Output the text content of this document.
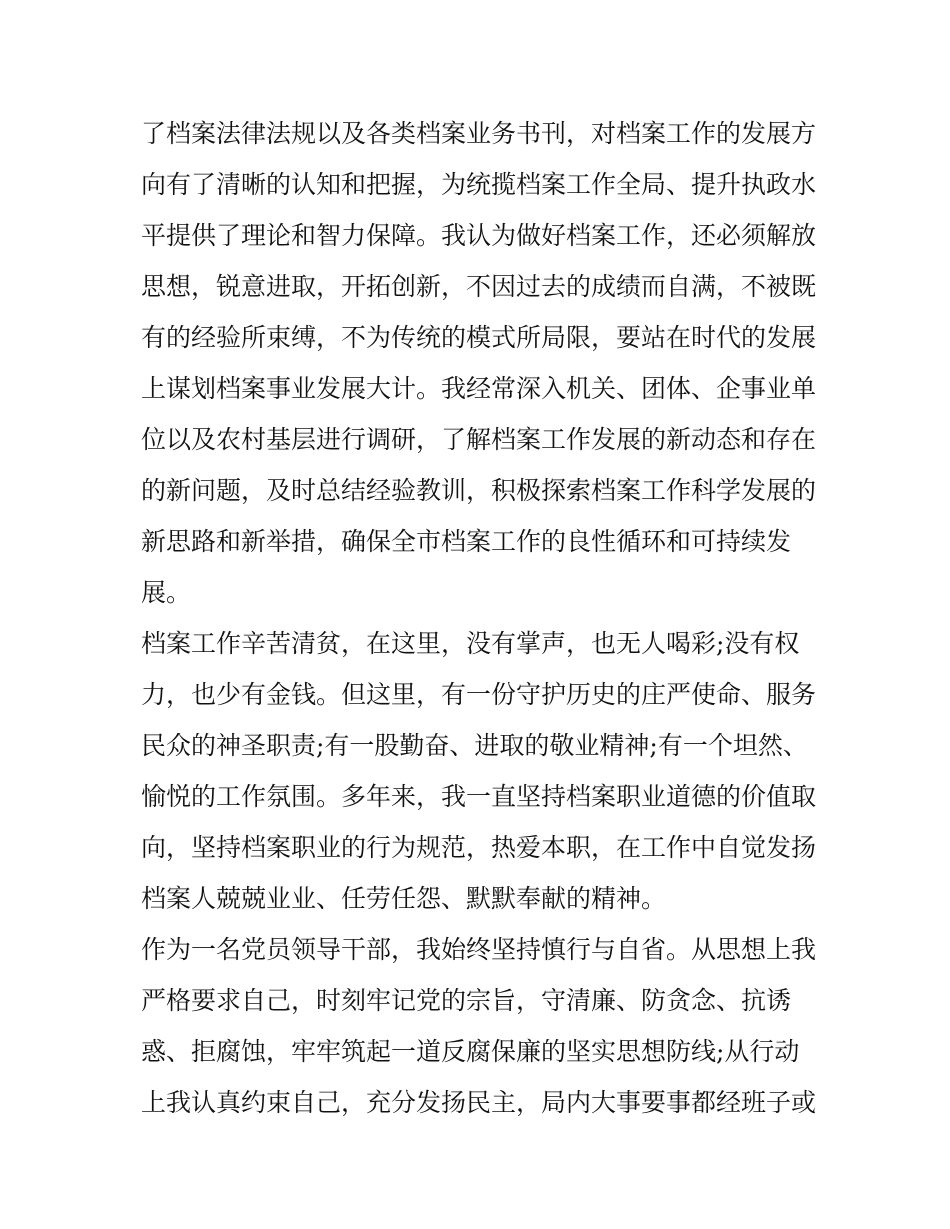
了档案法律法规以及各类档案业务书刊，对档案工作的发展方
向有了清晰的认知和把握，为统揽档案工作全局、提升执政水
平提供了理论和智力保障。我认为做好档案工作，还必须解放
思想，锐意进取，开拓创新，不因过去的成绩而自满，不被既
有的经验所束缚，不为传统的模式所局限，要站在时代的发展
上谋划档案事业发展大计。我经常深入机关、团体、企事业单
位以及农村基层进行调研，了解档案工作发展的新动态和存在
的新问题，及时总结经验教训，积极探索档案工作科学发展的
新思路和新举措，确保全市档案工作的良性循环和可持续发
展。
档案工作辛苦清贫，在这里，没有掌声，也无人喝彩;没有权
力，也少有金钱。但这里，有一份守护历史的庄严使命、服务
民众的神圣职责;有一股勤奋、进取的敬业精神;有一个坦然、
愉悦的工作氛围。多年来，我一直坚持档案职业道德的价值取
向，坚持档案职业的行为规范，热爱本职，在工作中自觉发扬
档案人兢兢业业、任劳任怨、默默奉献的精神。
作为一名党员领导干部，我始终坚持慎行与自省。从思想上我
严格要求自己，时刻牢记党的宗旨，守清廉、防贪念、抗诱
惑、拒腐蚀，牢牢筑起一道反腐保廉的坚实思想防线;从行动
上我认真约束自己，充分发扬民主，局内大事要事都经班子或
